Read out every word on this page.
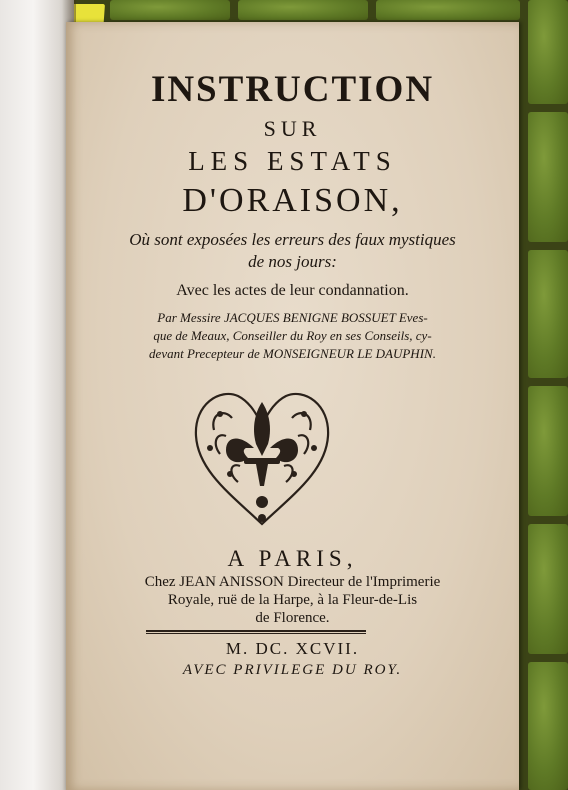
INSTRUCTION
SUR
LES ESTATS
D'ORAISON,
Où sont exposées les erreurs des faux mystiques
de nos jours:
Avec les actes de leur condannation.
Par Messire JACQUES BENIGNE BOSSUET Eves-
que de Meaux, Conseiller du Roy en ses Conseils, cy-
devant Precepteur de MONSEIGNEUR LE DAUPHIN.
A PARIS,
Chez JEAN ANISSON Directeur de l'Imprimerie
Royale, ruë de la Harpe, à la Fleur-de-Lis
de Florence.
M. DC. XCVII.
AVEC PRIVILEGE DU ROY.
